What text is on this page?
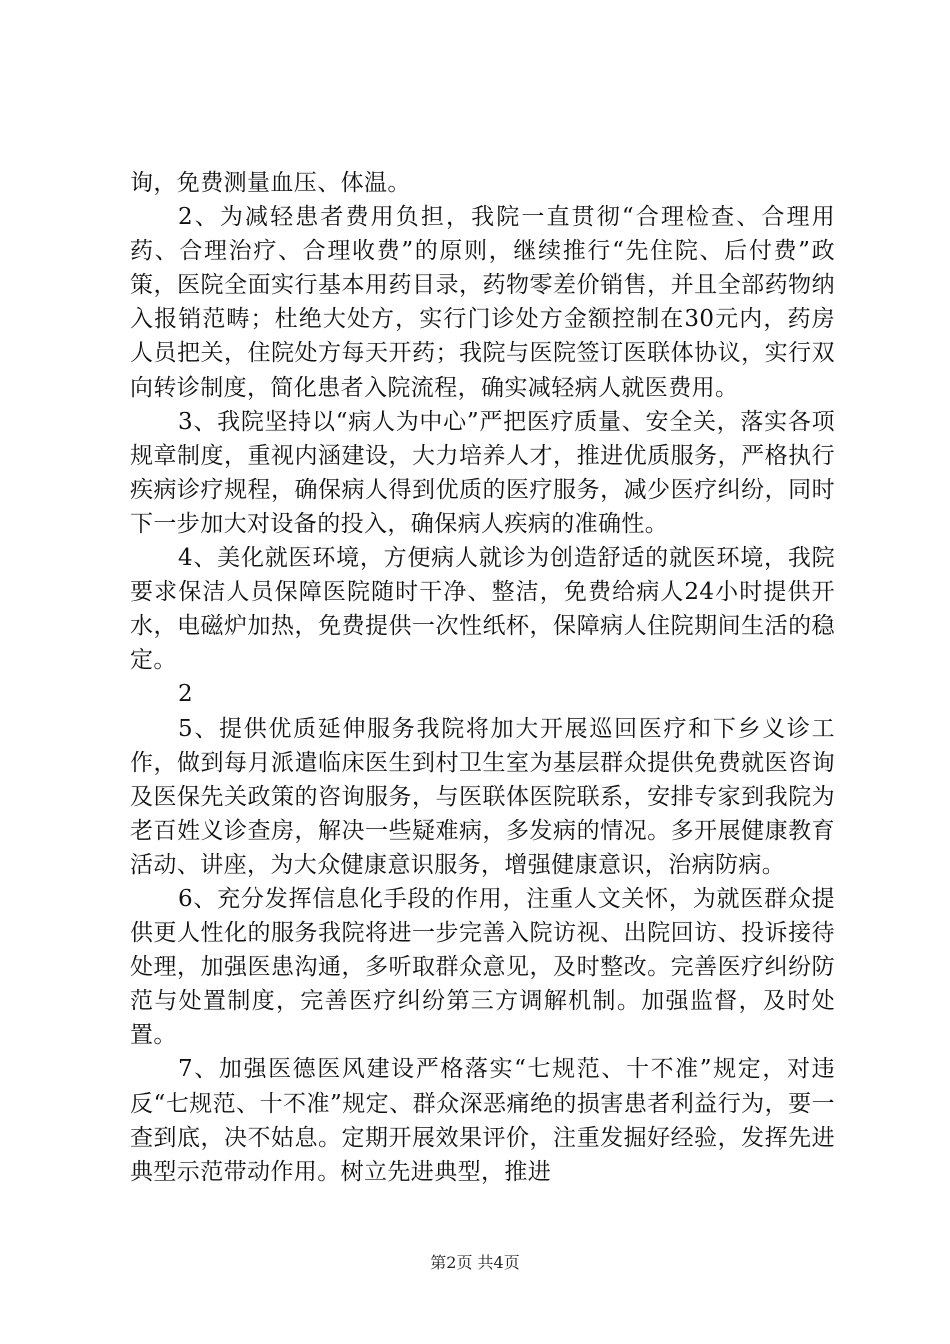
询，免费测量血压、体温。

2、为减轻患者费用负担，我院一直贯彻“合理检查、合理用药、合理治疗、合理收费”的原则，继续推行“先住院、后付费”政策，医院全面实行基本用药目录，药物零差价销售，并且全部药物纳入报销范畴；杜绝大处方，实行门诊处方金额控制在30元内，药房人员把关，住院处方每天开药；我院与医院签订医联体协议，实行双向转诊制度，简化患者入院流程，确实减轻病人就医费用。

3、我院坚持以“病人为中心”严把医疗质量、安全关，落实各项规章制度，重视内涵建设，大力培养人才，推进优质服务，严格执行疾病诊疗规程，确保病人得到优质的医疗服务，减少医疗纠纷，同时下一步加大对设备的投入，确保病人疾病的准确性。

4、美化就医环境，方便病人就诊为创造舒适的就医环境，我院要求保洁人员保障医院随时干净、整洁，免费给病人24小时提供开水，电磁炉加热，免费提供一次性纸杯，保障病人住院期间生活的稳定。

2

5、提供优质延伸服务我院将加大开展巡回医疗和下乡义诊工作，做到每月派遣临床医生到村卫生室为基层群众提供免费就医咨询及医保先关政策的咨询服务，与医联体医院联系，安排专家到我院为老百姓义诊查房，解决一些疑难病，多发病的情况。多开展健康教育活动、讲座，为大众健康意识服务，增强健康意识，治病防病。

6、充分发挥信息化手段的作用，注重人文关怀，为就医群众提供更人性化的服务我院将进一步完善入院访视、出院回访、投诉接待处理，加强医患沟通，多听取群众意见，及时整改。完善医疗纠纷防范与处置制度，完善医疗纠纷第三方调解机制。加强监督，及时处置。

7、加强医德医风建设严格落实“七规范、十不准”规定，对违反“七规范、十不准”规定、群众深恶痛绝的损害患者利益行为，要一查到底，决不姑息。定期开展效果评价，注重发掘好经验，发挥先进典型示范带动作用。树立先进典型，推进

第2页 共4页
